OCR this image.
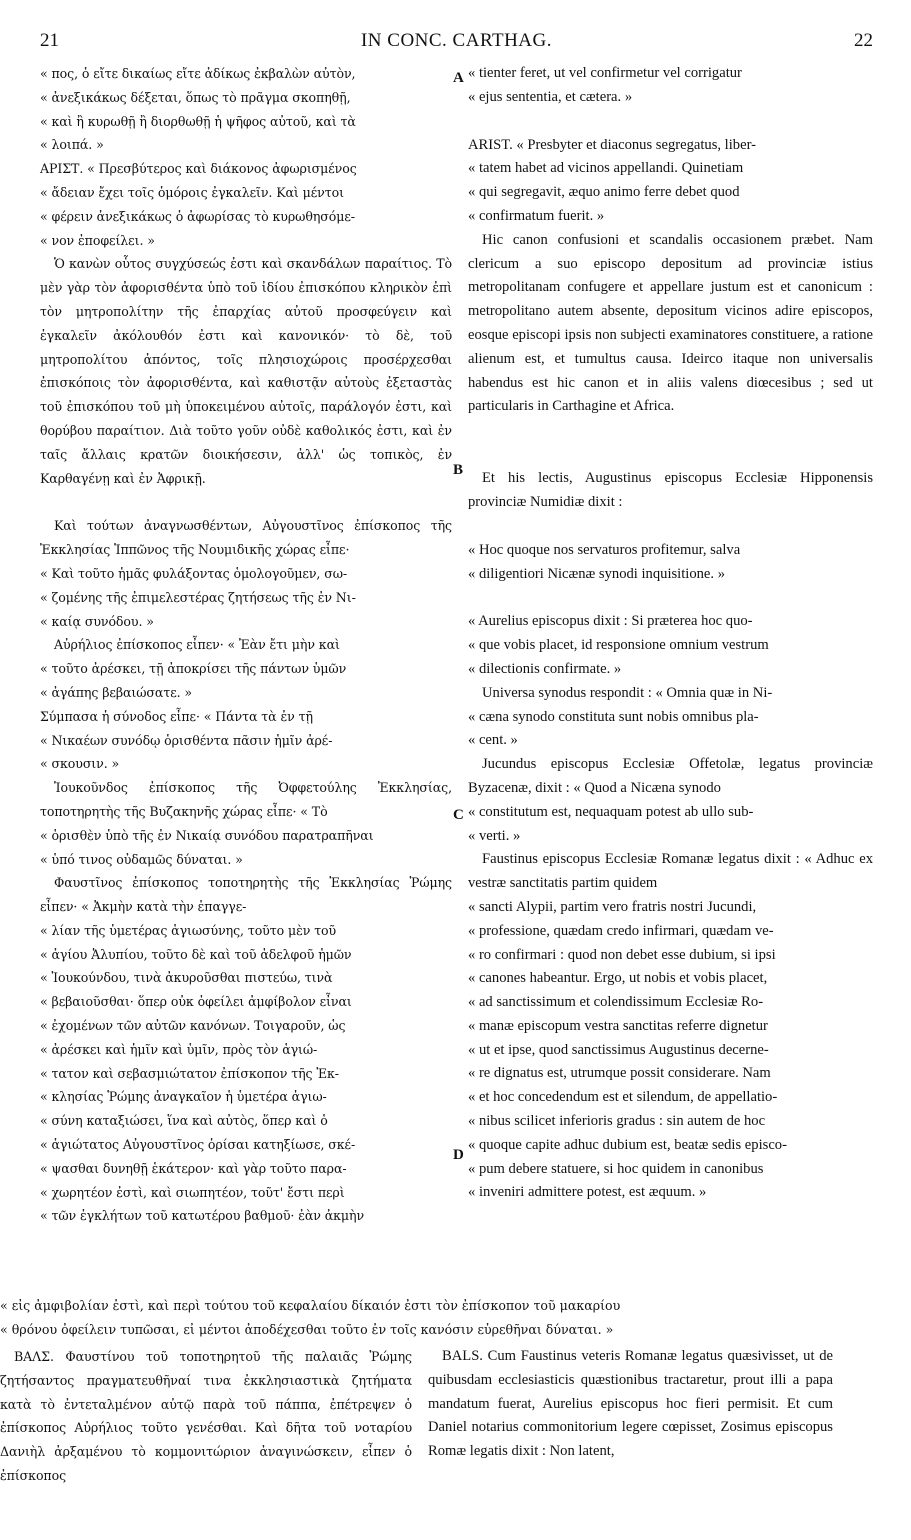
21	IN CONC. CARTHAG.	22

« πος, ὁ εἴτε δικαίως εἴτε ἀδίκως ἐκβαλὼν αὐτὸν,
« ἀνεξικάκως δέξεται, ὅπως τὸ πρᾶγμα σκοπηθῇ,
« καὶ ἢ κυρωθῇ ἢ διορθωθῇ ἡ ψῆφος αὐτοῦ, καὶ τὰ
« λοιπά. »

ΑΡΙΣΤ. « Πρεσβύτερος καὶ διάκονος ἀφωρισμένος
« ἄδειαν ἔχει τοῖς ὁμόροις ἐγκαλεῖν. Καὶ μέντοι
« φέρειν ἀνεξικάκως ὁ ἀφωρίσας τὸ κυρωθησόμε-
« νον ἐποφείλει. »

Ὁ κανὼν οὗτος συγχύσεώς ἐστι καὶ σκανδάλων παραίτιος. Τὸ μὲν γὰρ τὸν ἀφορισθέντα ὑπὸ τοῦ ἰδίου ἐπισκόπου κληρικὸν ἐπὶ τὸν μητροπολίτην τῆς ἐπαρχίας αὐτοῦ προσφεύγειν καὶ ἐγκαλεῖν ἀκόλουθόν ἐστι καὶ κανονικόν· τὸ δὲ, τοῦ μητροπολίτου ἀπόντος, τοῖς πλησιοχώροις προσέρχεσθαι ἐπισκόποις τὸν ἀφορισθέντα, καὶ καθιστᾷν αὐτοὺς ἐξεταστὰς τοῦ ἐπισκόπου τοῦ μὴ ὑποκειμένου αὐτοῖς, παράλογόν ἐστι, καὶ θορύβου παραίτιον. Διὰ τοῦτο γοῦν οὐδὲ καθολικός ἐστι, καὶ ἐν ταῖς ἄλλαις κρατῶν διοικήσεσιν, ἀλλ' ὡς τοπικὸς, ἐν Καρθαγένῃ καὶ ἐν Ἀφρικῇ.

Καὶ τούτων ἀναγνωσθέντων, Αὐγουστῖνος ἐπίσκοπος τῆς Ἐκκλησίας Ἱππῶνος τῆς Νουμιδικῆς χώρας εἶπε·

« Καὶ τοῦτο ἡμᾶς φυλάξοντας ὁμολογοῦμεν, σω-
« ζομένης τῆς ἐπιμελεστέρας ζητήσεως τῆς ἐν Νι-
« καίᾳ συνόδου. »

Αὐρήλιος ἐπίσκοπος εἶπεν· « Ἐὰν ἔτι μὴν καὶ
« τοῦτο ἀρέσκει, τῇ ἀποκρίσει τῆς πάντων ὑμῶν
« ἀγάπης βεβαιώσατε. »

Σύμπασα ἡ σύνοδος εἶπε· « Πάντα τὰ ἐν τῇ
« Νικαέων συνόδῳ ὁρισθέντα πᾶσιν ἡμῖν ἀρέ-
« σκουσιν. »

Ἰουκοῦνδος ἐπίσκοπος τῆς Ὀφφετούλης Ἐκκλησίας, τοποτηρητὴς τῆς Βυζακηνῆς χώρας εἶπε· « Τὸ
« ὁρισθὲν ὑπὸ τῆς ἐν Νικαίᾳ συνόδου παρατραπῆναι
« ὑπό τινος οὐδαμῶς δύναται. »

Φαυστῖνος ἐπίσκοπος τοποτηρητὴς τῆς Ἐκκλησίας Ῥώμης εἶπεν· « Ἀκμὴν κατὰ τὴν ἐπαγγε-
« λίαν τῆς ὑμετέρας ἁγιωσύνης, τοῦτο μὲν τοῦ
« ἁγίου Ἀλυπίου, τοῦτο δὲ καὶ τοῦ ἀδελφοῦ ἡμῶν
« Ἰουκούνδου, τινὰ ἀκυροῦσθαι πιστεύω, τινὰ
« βεβαιοῦσθαι· ὅπερ οὐκ ὀφείλει ἀμφίβολον εἶναι
« ἐχομένων τῶν αὐτῶν κανόνων. Τοιγαροῦν, ὡς
« ἀρέσκει καὶ ἡμῖν καὶ ὑμῖν, πρὸς τὸν ἁγιώ-
« τατον καὶ σεβασμιώτατον ἐπίσκοπον τῆς Ἐκ-
« κλησίας Ῥώμης ἀναγκαῖον ἡ ὑμετέρα ἁγιω-
« σύνη καταξιώσει, ἵνα καὶ αὐτὸς, ὅπερ καὶ ὁ
« ἁγιώτατος Αὐγουστῖνος ὁρίσαι κατηξίωσε, σκέ-
« ψασθαι δυνηθῇ ἑκάτερον· καὶ γὰρ τοῦτο παρα-
« χωρητέον ἐστὶ, καὶ σιωπητέον, τοῦτ' ἔστι περὶ
« τῶν ἐγκλήτων τοῦ κατωτέρου βαθμοῦ· ἐὰν ἀκμὴν

« tienter feret, ut vel confirmetur vel corrigatur
« ejus sententia, et cætera. »

ARIST. « Presbyter et diaconus segregatus, liber-
« tatem habet ad vicinos appellandi. Quinetiam
« qui segregavit, æquo animo ferre debet quod
« confirmatum fuerit. »

Hic canon confusioni et scandalis occasionem præbet. Nam clericum a suo episcopo depositum ad provinciæ istius metropolitanam confugere et appellare justum est et canonicum : metropolitano autem absente, depositum vicinos adire episcopos, eosque episcopi ipsis non subjecti examinatores constituere, a ratione alienum est, et tumultus causa. Ideirco itaque non universalis habendus est hic canon et in aliis valens diœcesibus ; sed ut particularis in Carthagine et Africa.

Et his lectis, Augustinus episcopus Ecclesiæ Hipponensis provinciæ Numidiæ dixit :

« Hoc quoque nos servaturos profitemur, salva
« diligentiori Nicænæ synodi inquisitione. »

« Aurelius episcopus dixit : Si præterea hoc quo-
« que vobis placet, id responsione omnium vestrum
« dilectionis confirmate. »

Universa synodus respondit : « Omnia quæ in Ni-
« cæna synodo constituta sunt nobis omnibus pla-
« cent. »

Jucundus episcopus Ecclesiæ Offetolæ, legatus provinciæ Byzacenæ, dixit : « Quod a Nicæna synodo
« constitutum est, nequaquam potest ab ullo sub-
« verti. »

Faustinus episcopus Ecclesiæ Romanæ legatus dixit : « Adhuc ex vestræ sanctitatis partim quidem
« sancti Alypii, partim vero fratris nostri Jucundi,
« professione, quædam credo infirmari, quædam ve-
« ro confirmari : quod non debet esse dubium, si ipsi
« canones habeantur. Ergo, ut nobis et vobis placet,
« ad sanctissimum et colendissimum Ecclesiæ Ro-
« manæ episcopum vestra sanctitas referre dignetur
« ut et ipse, quod sanctissimus Augustinus decerne-
« re dignatus est, utrumque possit considerare. Nam
« et hoc concedendum est et silendum, de appellatio-
« nibus scilicet inferioris gradus : sin autem de hoc
« quoque capite adhuc dubium est, beatæ sedis episco-
« pum debere statuere, si hoc quidem in canonibus
« inveniri admittere potest, est æquum. »

A
B
C
D
« εἰς ἀμφιβολίαν ἐστὶ, καὶ περὶ τούτου τοῦ κεφαλαίου δίκαιόν ἐστι τὸν ἐπίσκοπον τοῦ μακαρίου
« θρόνου ὀφείλειν τυπῶσαι, εἰ μέντοι ἀποδέχεσθαι τοῦτο ἐν τοῖς κανόσιν εὑρεθῆναι δύναται. »

ΒΑΛΣ. Φαυστίνου τοῦ τοποτηρητοῦ τῆς παλαιᾶς Ῥώμης ζητήσαντος πραγματευθῆναί τινα ἐκκλησιαστικὰ ζητήματα κατὰ τὸ ἐντεταλμένον αὐτῷ παρὰ τοῦ πάππα, ἐπέτρεψεν ὁ ἐπίσκοπος Αὐρήλιος τοῦτο γενέσθαι. Καὶ δῆτα τοῦ νοταρίου Δανιὴλ ἀρξαμένου τὸ κομμονιτώριον ἀναγινώσκειν, εἶπεν ὁ ἐπίσκοπος

BALS. Cum Faustinus veteris Romanæ legatus quæsivisset, ut de quibusdam ecclesiasticis quæstionibus tractaretur, prout illi a papa mandatum fuerat, Aurelius episcopus hoc fieri permisit. Et cum Daniel notarius commonitorium legere cœpisset, Zosimus episcopus Romæ legatis dixit : Non latent,
